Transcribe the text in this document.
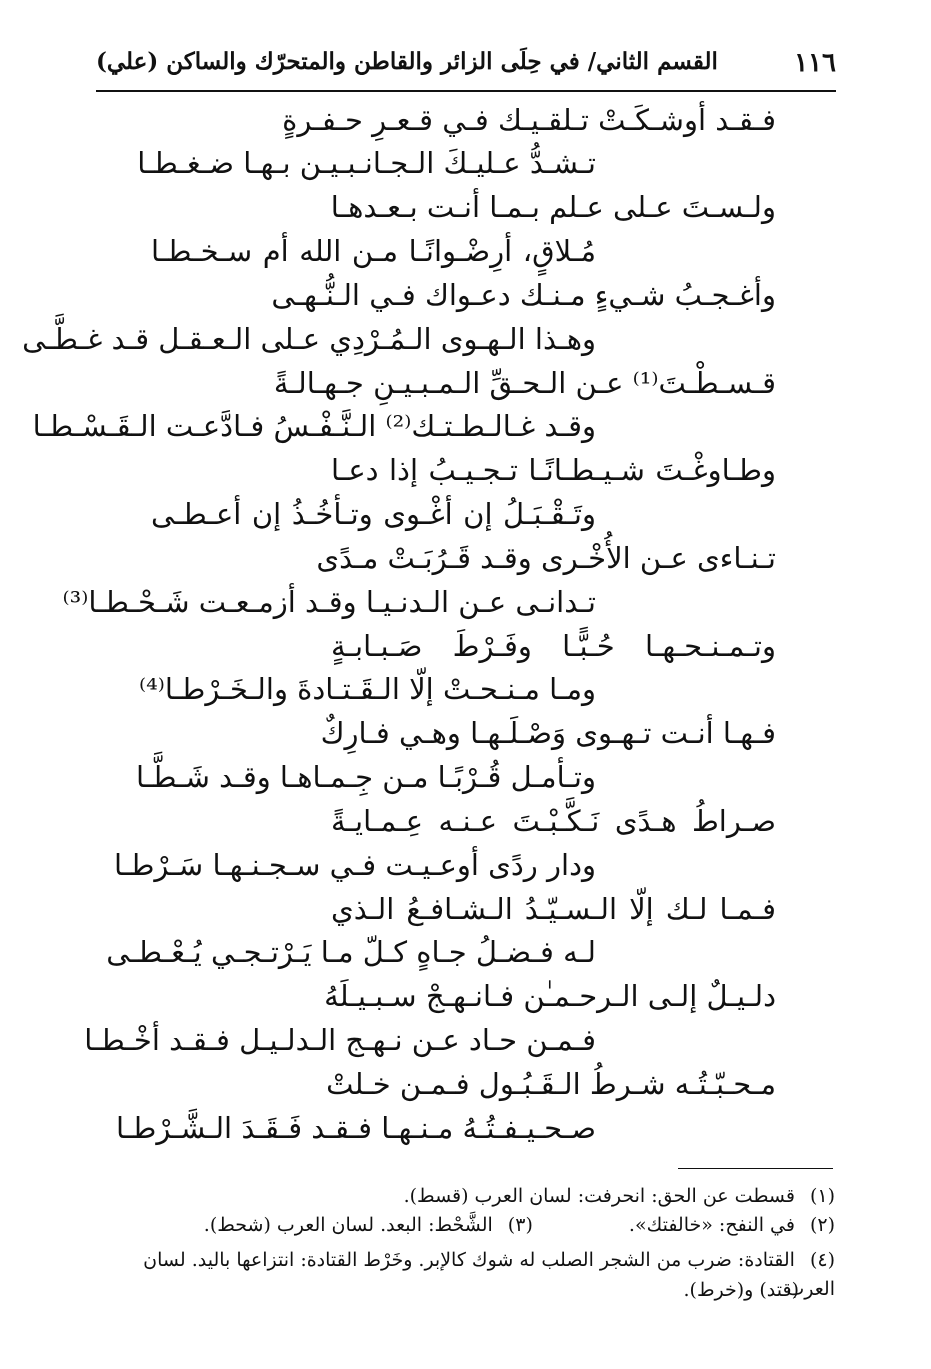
١١٦
القسم الثاني/ في حِلَى الزائر والقاطن والمتحرّك والساكن (علي)
فـقـد أوشـكَـتْ تـلقـيـك فـي قـعـرِ حـفـرةٍ
تـشـدُّ عـليـكَ الـجـانـبـيـن بـهـا ضـغـطـا
ولـسـتَ عـلى عـلم بـمـا أنـت بـعـدهـا
مُـلاقٍ، أرِضْـوانًـا مـن الله أم سـخـطـا
وأغـجـبُ شـيءٍ مـنـك دعـواك فـي الـنُّـهـى
وهـذا الـهـوى الـمُـرْدِي عـلى الـعـقـل قـد غـطَّـى
قـسـطْـتَ⁽¹⁾ عـن الـحـقِّ الـمـبـيـنِ جـهـالـةً
وقـد غـالـطـتـك⁽²⁾ الـنَّـفْـسُ فـادَّعـت الـقَـسْـطـا
وطـاوغْـتَ شـيـطـانًـا تـجـيـبُ إذا دعـا
وتَـقْـبَـلُ إن أغْـوى وتـأخُـذُ إن أعـطـى
تـنـاءى عـن الأُخْـرى وقـد قَـرُبَـتْ مـدًى
تـدانـى عـن الـدنـيـا وقـد أزمـعـت شَـحْـطـا⁽³⁾
وتـمـنـحـهـا حُـبًّـا وفَـرْطَ صَـبـابـةٍ
ومـا مـنـحـتْ إلّا الـقَـتـادةَ والـخَـرْطـا⁽⁴⁾
فـهـا أنـت تـهـوى وَصْـلَـهـا وهـي فـارِكٌ
وتـأمـل قُـرْبًـا مـن جِـمـاهـا وقـد شَـطَّـا
صـراطُ هـدًى نَـكَّـبْـتَ عـنـه عِـمـايـةً
ودار ردًى أوعـيـت فـي سـجـنـهـا سَـرْطـا
فـمـا لـك إلّا الـسـيّـدُ الـشـافـعُ الـذي
لـه فـضـلُ جـاهٍ كـلّ مـا يَـرْتـجـي يُـعْـطـى
دلـيـلٌ إلـى الـرحـمـٰن فـانـهـجْ سـبـيـلَهُ
فـمـن حـاد عـن نـهـج الـدلـيـل فـقـد أخْـطـا
مـحـبّـتُـه شـرطُ الـقَـبُـول فـمـن خـلتْ
صـحـيـفـتُـهُ مـنـهـا فـقـد فَـقَـدَ الـشَّـرْطـا
(١) قسطت عن الحق: انحرفت: لسان العرب (قسط).
(٢) في النفح: «خالفتك». (٣) الشَّحْط: البعد. لسان العرب (شحط).
(٤) القتادة: ضرب من الشجر الصلب له شوك كالإبر. وخَرْط القتادة: انتزاعها باليد. لسان العرب
(قتد) و(خرط).
